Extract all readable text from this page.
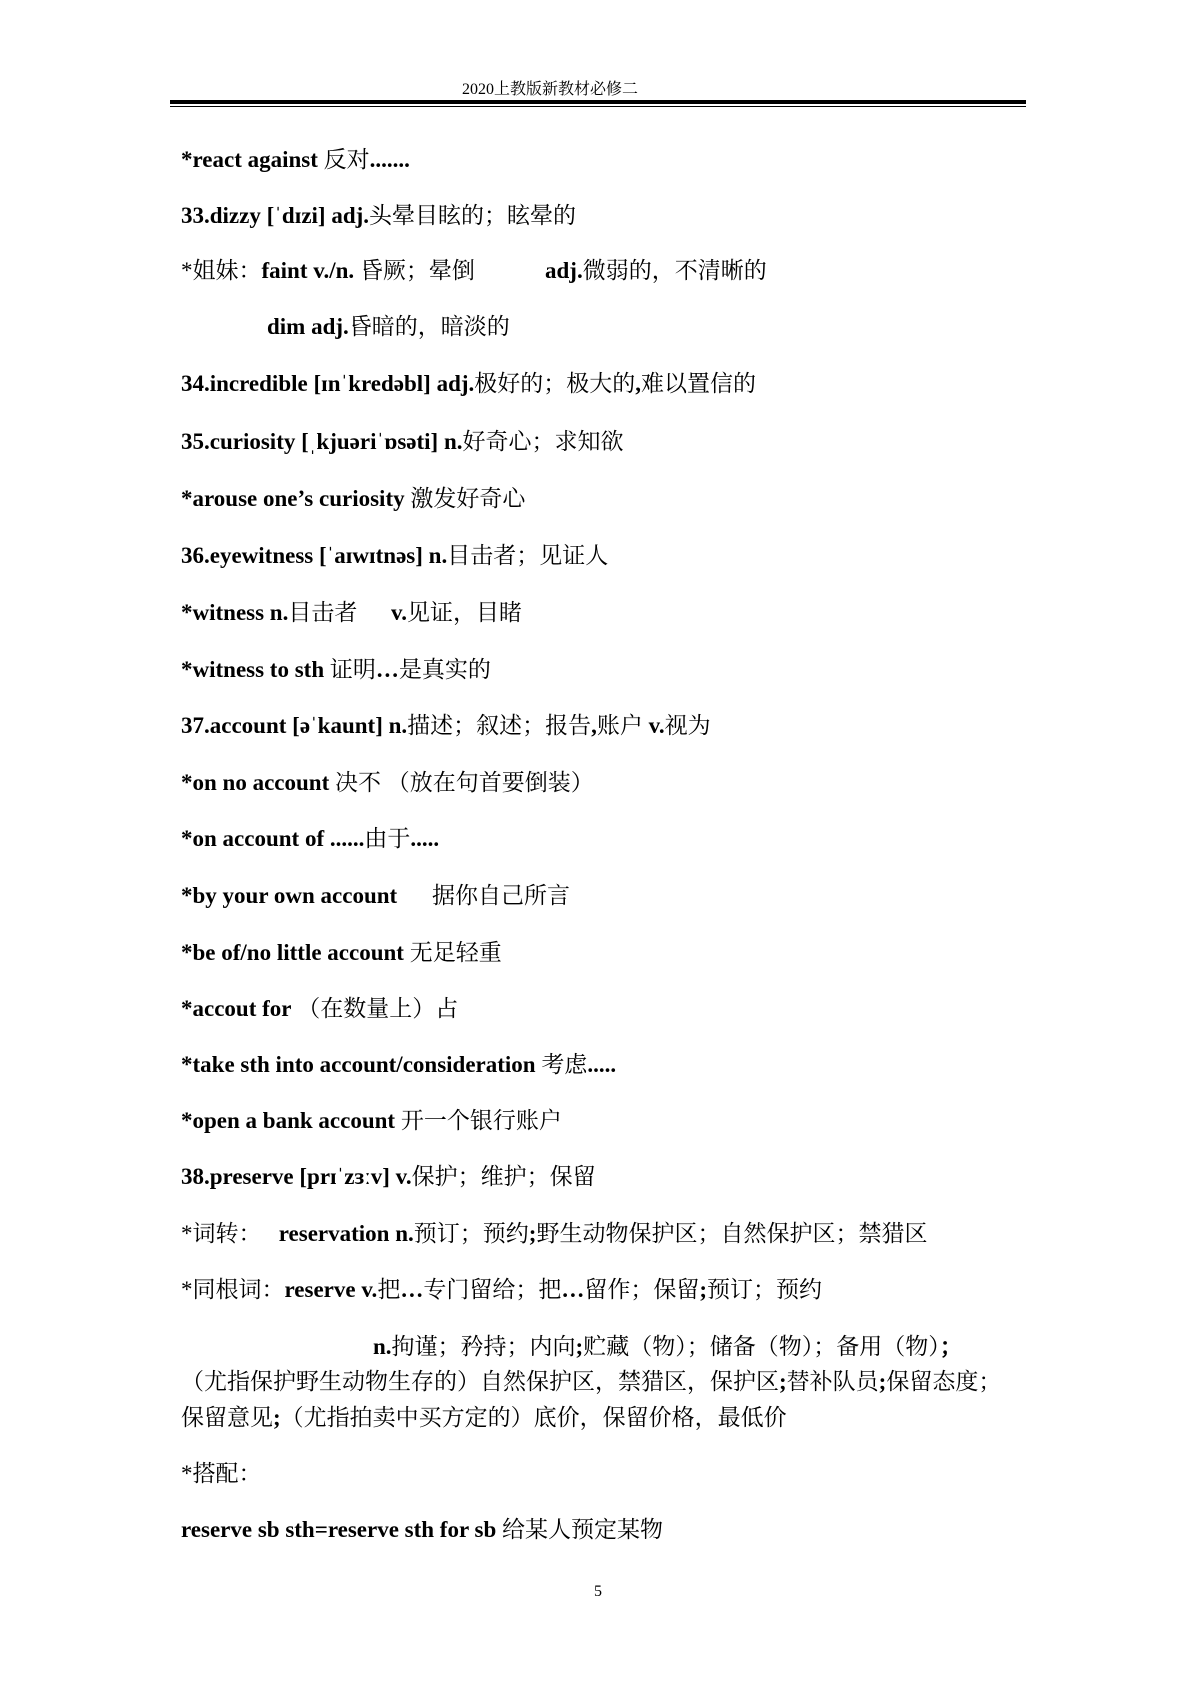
2020上教版新教材必修二
*react against 反对.......
33.dizzy [ˈdɪzi] adj.头晕目眩的；眩晕的
*姐妹：faint v./n. 昏厥；晕倒	adj.微弱的，不清晰的
dim adj.昏暗的，暗淡的
34.incredible [ɪnˈkredəbl] adj.极好的；极大的,难以置信的
35.curiosity [ˌkjuəriˈɒsəti] n.好奇心；求知欲
*arouse one’s curiosity 激发好奇心
36.eyewitness [ˈaɪwɪtnəs] n.目击者；见证人
*witness n.目击者 v.见证，目睹
*witness to sth 证明…是真实的
37.account [əˈkaunt] n.描述；叙述；报告,账户 v.视为
*on no account 决不 （放在句首要倒装）
*on account of ......由于.....
*by your own account 据你自己所言
*be of/no little account 无足轻重
*accout for （在数量上）占
*take sth into account/consideration 考虑.....
*open a bank account 开一个银行账户
38.preserve [prɪˈzɜːv] v.保护；维护；保留
*词转：   reservation n.预订；预约;野生动物保护区；自然保护区；禁猎区
*同根词：reserve v.把…专门留给；把…留作；保留;预订；预约
n.拘谨；矜持；内向;贮藏（物）；储备（物）；备用（物）；
（尤指保护野生动物生存的）自然保护区，禁猎区，保护区;替补队员;保留态度；
保留意见;（尤指拍卖中买方定的）底价，保留价格，最低价
*搭配：
reserve sb sth=reserve sth for sb 给某人预定某物
5
